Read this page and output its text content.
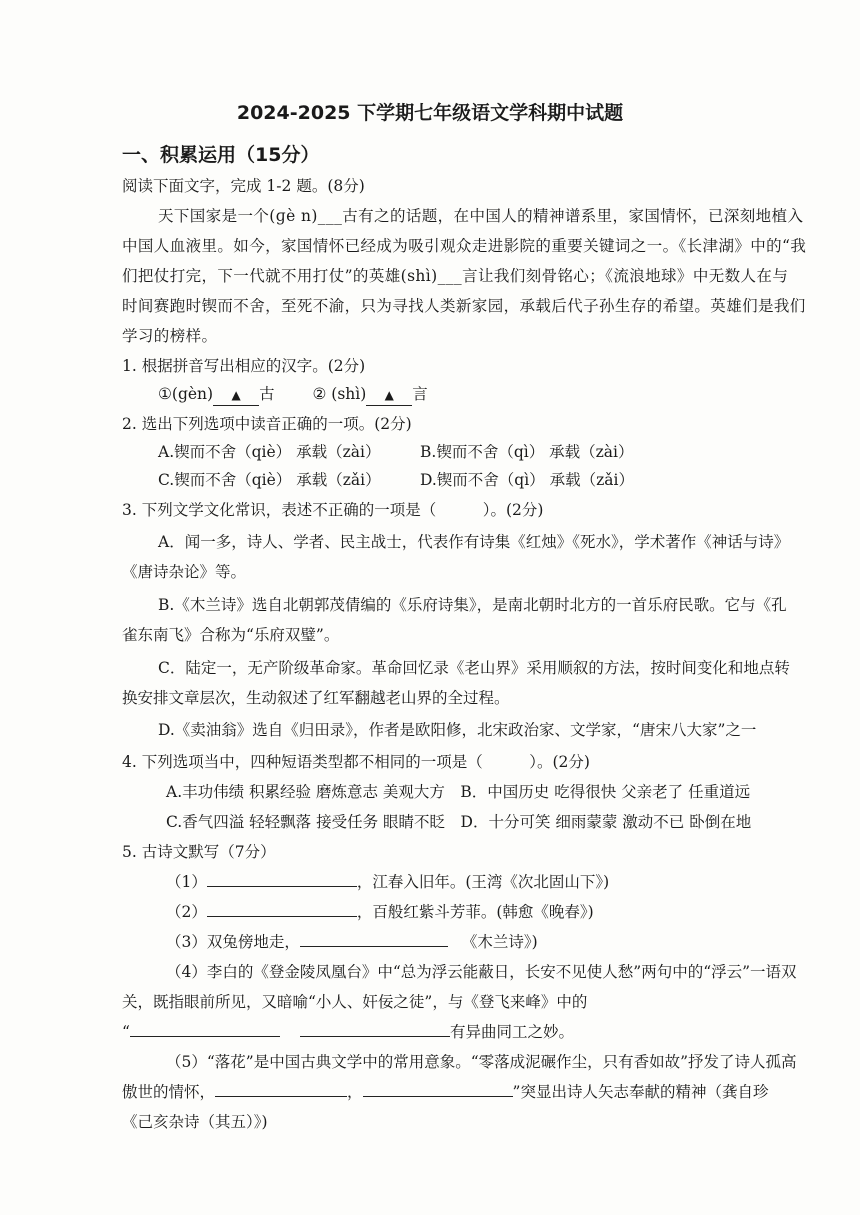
2024-2025 下学期七年级语文学科期中试题
一、积累运用（15分）
阅读下面文字，完成 1-2 题。(8分)
天下国家是一个(ɡè n)___古有之的话题，在中国人的精神谱系里，家国情怀，已深刻地植入
中国人血液里。如今，家国情怀已经成为吸引观众走进影院的重要关键词之一。《长津湖》中的“我
们把仗打完，下一代就不用打仗”的英雄(shì)___言让我们刻骨铭心；《流浪地球》中无数人在与
时间赛跑时锲而不舍，至死不渝，只为寻找人类新家园，承载后代子孙生存的希望。英雄们是我们
学习的榜样。
1. 根据拼音写出相应的汉字。(2分)
①(gèn) ▲ 古 ② (shì) ▲ 言
2. 选出下列选项中读音正确的一项。(2分)
A.锲而不舍（qiè） 承载（zài）	B.锲而不舍（qì） 承载（zài）
C.锲而不舍（qiè） 承载（zǎi）	D.锲而不舍（qì） 承载（zǎi）
3. 下列文学文化常识，表述不正确的一项是（　　　）。(2分)
A．闻一多，诗人、学者、民主战士，代表作有诗集《红烛》《死水》，学术著作《神话与诗》
《唐诗杂论》等。
B.《木兰诗》选自北朝郭茂倩编的《乐府诗集》，是南北朝时北方的一首乐府民歌。它与《孔
雀东南飞》合称为“乐府双璧”。
C．陆定一，无产阶级革命家。革命回忆录《老山界》采用顺叙的方法，按时间变化和地点转
换安排文章层次，生动叙述了红军翻越老山界的全过程。
D.《卖油翁》选自《归田录》，作者是欧阳修，北宋政治家、文学家，“唐宋八大家”之一
4. 下列选项当中，四种短语类型都不相同的一项是（　　　）。(2分)
A.丰功伟绩 积累经验 磨炼意志 美观大方　B．中国历史 吃得很快 父亲老了 任重道远
C.香气四溢 轻轻飘落 接受任务 眼睛不眨　D．十分可笑 细雨蒙蒙 激动不已 卧倒在地
5. 古诗文默写（7分）
（1）	，江春入旧年。(王湾《次北固山下》)
（2）	，百般红紫斗芳菲。(韩愈《晚春》)
（3）双兔傍地走，	《木兰诗》)
（4）李白的《登金陵凤凰台》中“总为浮云能蔽日，长安不见使人愁”两句中的“浮云”一语双
关，既指眼前所见，又暗喻“小人、奸佞之徒”，与《登飞来峰》中的
“	有异曲同工之妙。
（5）“落花”是中国古典文学中的常用意象。“零落成泥碾作尘，只有香如故”抒发了诗人孤高
傲世的情怀，	，	”突显出诗人矢志奉献的精神（龚自珍
《己亥杂诗（其五）》)
